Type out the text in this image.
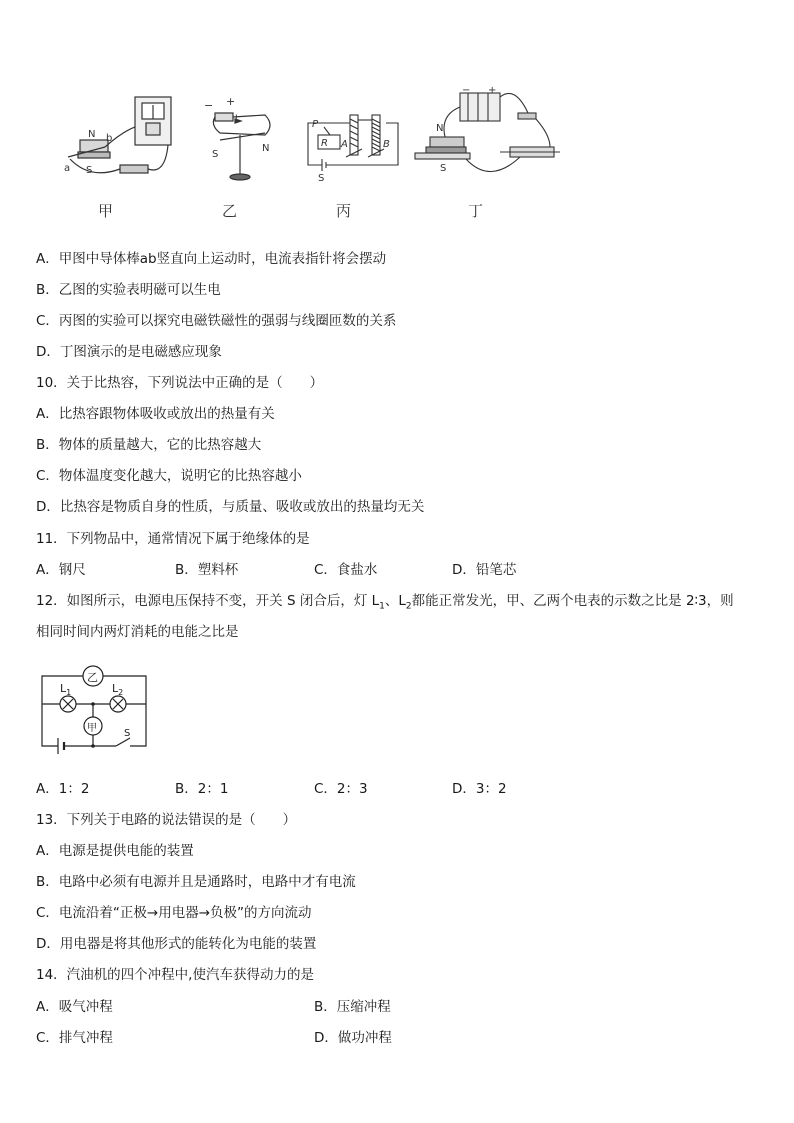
N b
a S
− +
I
S
N
P
R A	B
S
− +
N
S
甲	乙	丙	丁
A．甲图中导体棒ab竖直向上运动时，电流表指针将会摆动
B．乙图的实验表明磁可以生电
C．丙图的实验可以探究电磁铁磁性的强弱与线圈匝数的关系
D．丁图演示的是电磁感应现象
10．关于比热容，下列说法中正确的是（　　）
A．比热容跟物体吸收或放出的热量有关
B．物体的质量越大，它的比热容越大
C．物体温度变化越大，说明它的比热容越小
D．比热容是物质自身的性质，与质量、吸收或放出的热量均无关
11．下列物品中，通常情况下属于绝缘体的是
A．钢尺	B．塑料杯	C．食盐水	D．铅笔芯
12．如图所示，电源电压保持不变，开关 S 闭合后，灯 $L_1$、$L_2$都能正常发光，甲、乙两个电表的示数之比是 2∶3，则
相同时间内两灯消耗的电能之比是
乙
甲
$L_1$	$L_2$
S
A．1：2	B．2：1	C．2：3	D．3：2
13．下列关于电路的说法错误的是（　　）
A．电源是提供电能的装置
B．电路中必须有电源并且是通路时，电路中才有电流
C．电流沿着“正极→用电器→负极”的方向流动
D．用电器是将其他形式的能转化为电能的装置
14．汽油机的四个冲程中,使汽车获得动力的是
A．吸气冲程	B．压缩冲程
C．排气冲程	D．做功冲程
